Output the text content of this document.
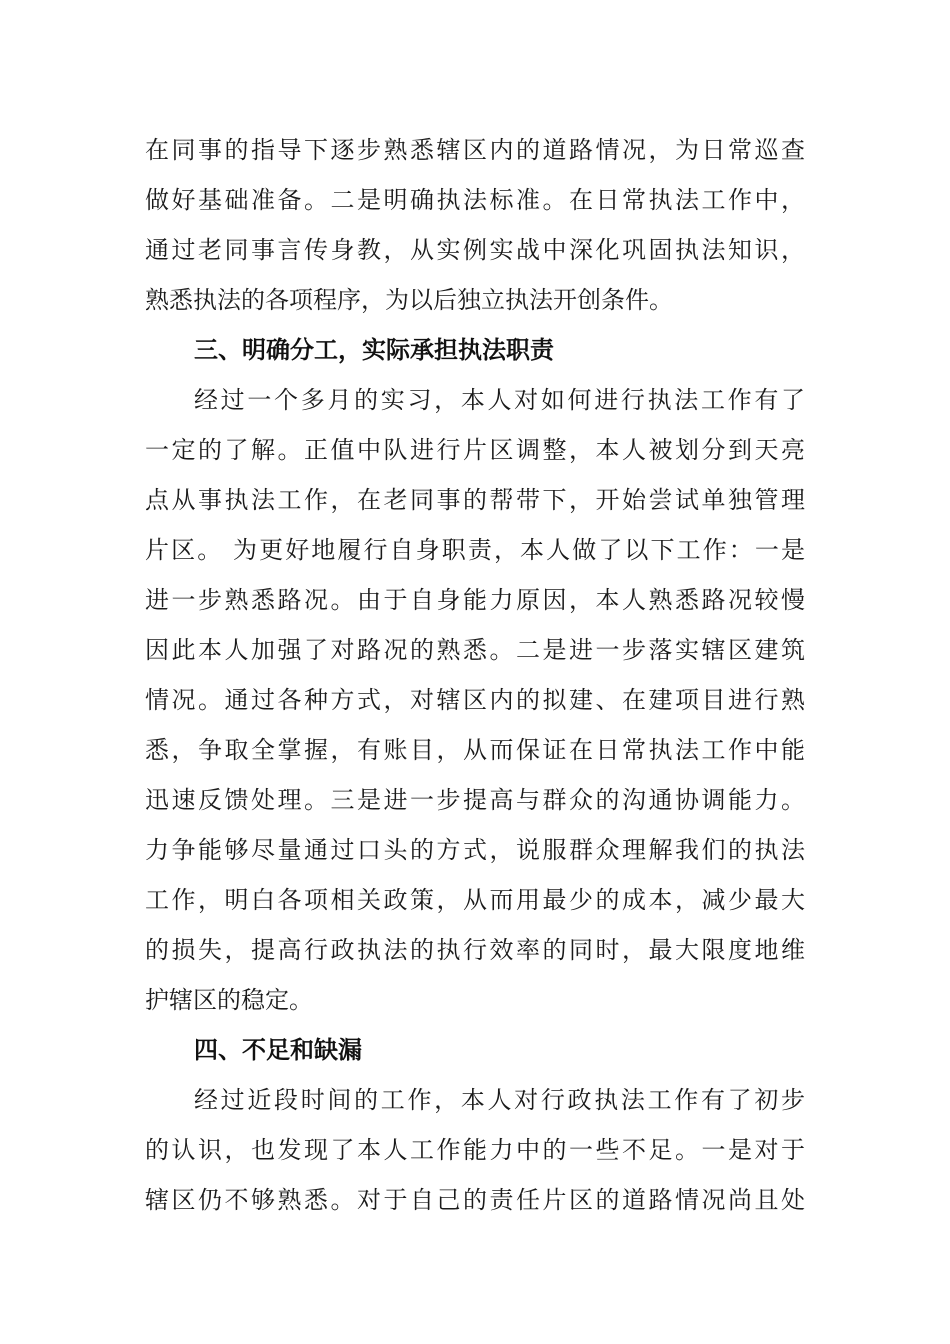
在同事的指导下逐步熟悉辖区内的道路情况，为日常巡查
做好基础准备。二是明确执法标准。在日常执法工作中，
通过老同事言传身教，从实例实战中深化巩固执法知识，
熟悉执法的各项程序，为以后独立执法开创条件。
三、明确分工，实际承担执法职责
经过一个多月的实习，本人对如何进行执法工作有了
一定的了解。正值中队进行片区调整，本人被划分到天亮
点从事执法工作，在老同事的帮带下，开始尝试单独管理
片区。 为更好地履行自身职责，本人做了以下工作：一是
进一步熟悉路况。由于自身能力原因，本人熟悉路况较慢
因此本人加强了对路况的熟悉。二是进一步落实辖区建筑
情况。通过各种方式，对辖区内的拟建、在建项目进行熟
悉，争取全掌握，有账目，从而保证在日常执法工作中能
迅速反馈处理。三是进一步提高与群众的沟通协调能力。
力争能够尽量通过口头的方式，说服群众理解我们的执法
工作，明白各项相关政策，从而用最少的成本，减少最大
的损失，提高行政执法的执行效率的同时，最大限度地维
护辖区的稳定。
四、不足和缺漏
经过近段时间的工作，本人对行政执法工作有了初步
的认识，也发现了本人工作能力中的一些不足。一是对于
辖区仍不够熟悉。对于自己的责任片区的道路情况尚且处
